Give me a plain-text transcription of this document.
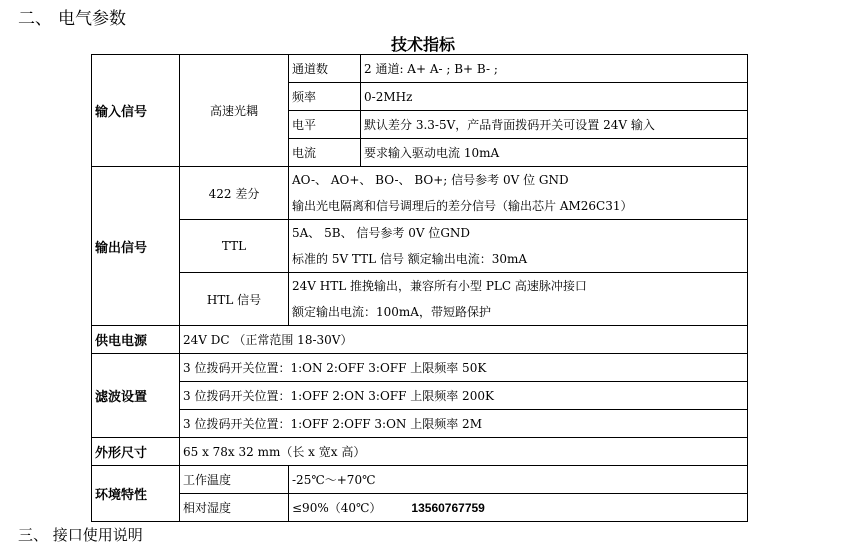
二、 电气参数
技术指标
输入信号	高速光耦	通道数	2 通道: A+ A- ; B+ B- ;
		频率	0-2MHz
		电平	默认差分 3.3-5V，产品背面拨码开关可设置 24V 输入
		电流	要求输入驱动电流 10mA
输出信号	422 差分	AO-、 AO+、 BO-、 BO+; 信号参考 0V 位 GND
输出光电隔离和信号调理后的差分信号（输出芯片 AM26C31）	

	TTL	5A、 5B、 信号参考 0V 位GND
标准的 5V TTL 信号 额定输出电流：30mA	

	HTL 信号	24V HTL 推挽输出，兼容所有小型 PLC 高速脉冲接口
额定输出电流：100mA，带短路保护	

供电电源	24V DC （正常范围 18-30V）		
滤波设置	3 位拨码开关位置：1:ON 2:OFF 3:OFF 上限频率 50K		
	3 位拨码开关位置：1:OFF 2:ON 3:OFF 上限频率 200K		
	3 位拨码开关位置：1:OFF 2:OFF 3:ON 上限频率 2M		
外形尺寸	65 x 78x 32 mm（长 x 宽x 高）		
环境特性	工作温度	-25℃～+70℃	
	相对湿度	≤90%（40℃） 13560767759	
三、 接口使用说明
